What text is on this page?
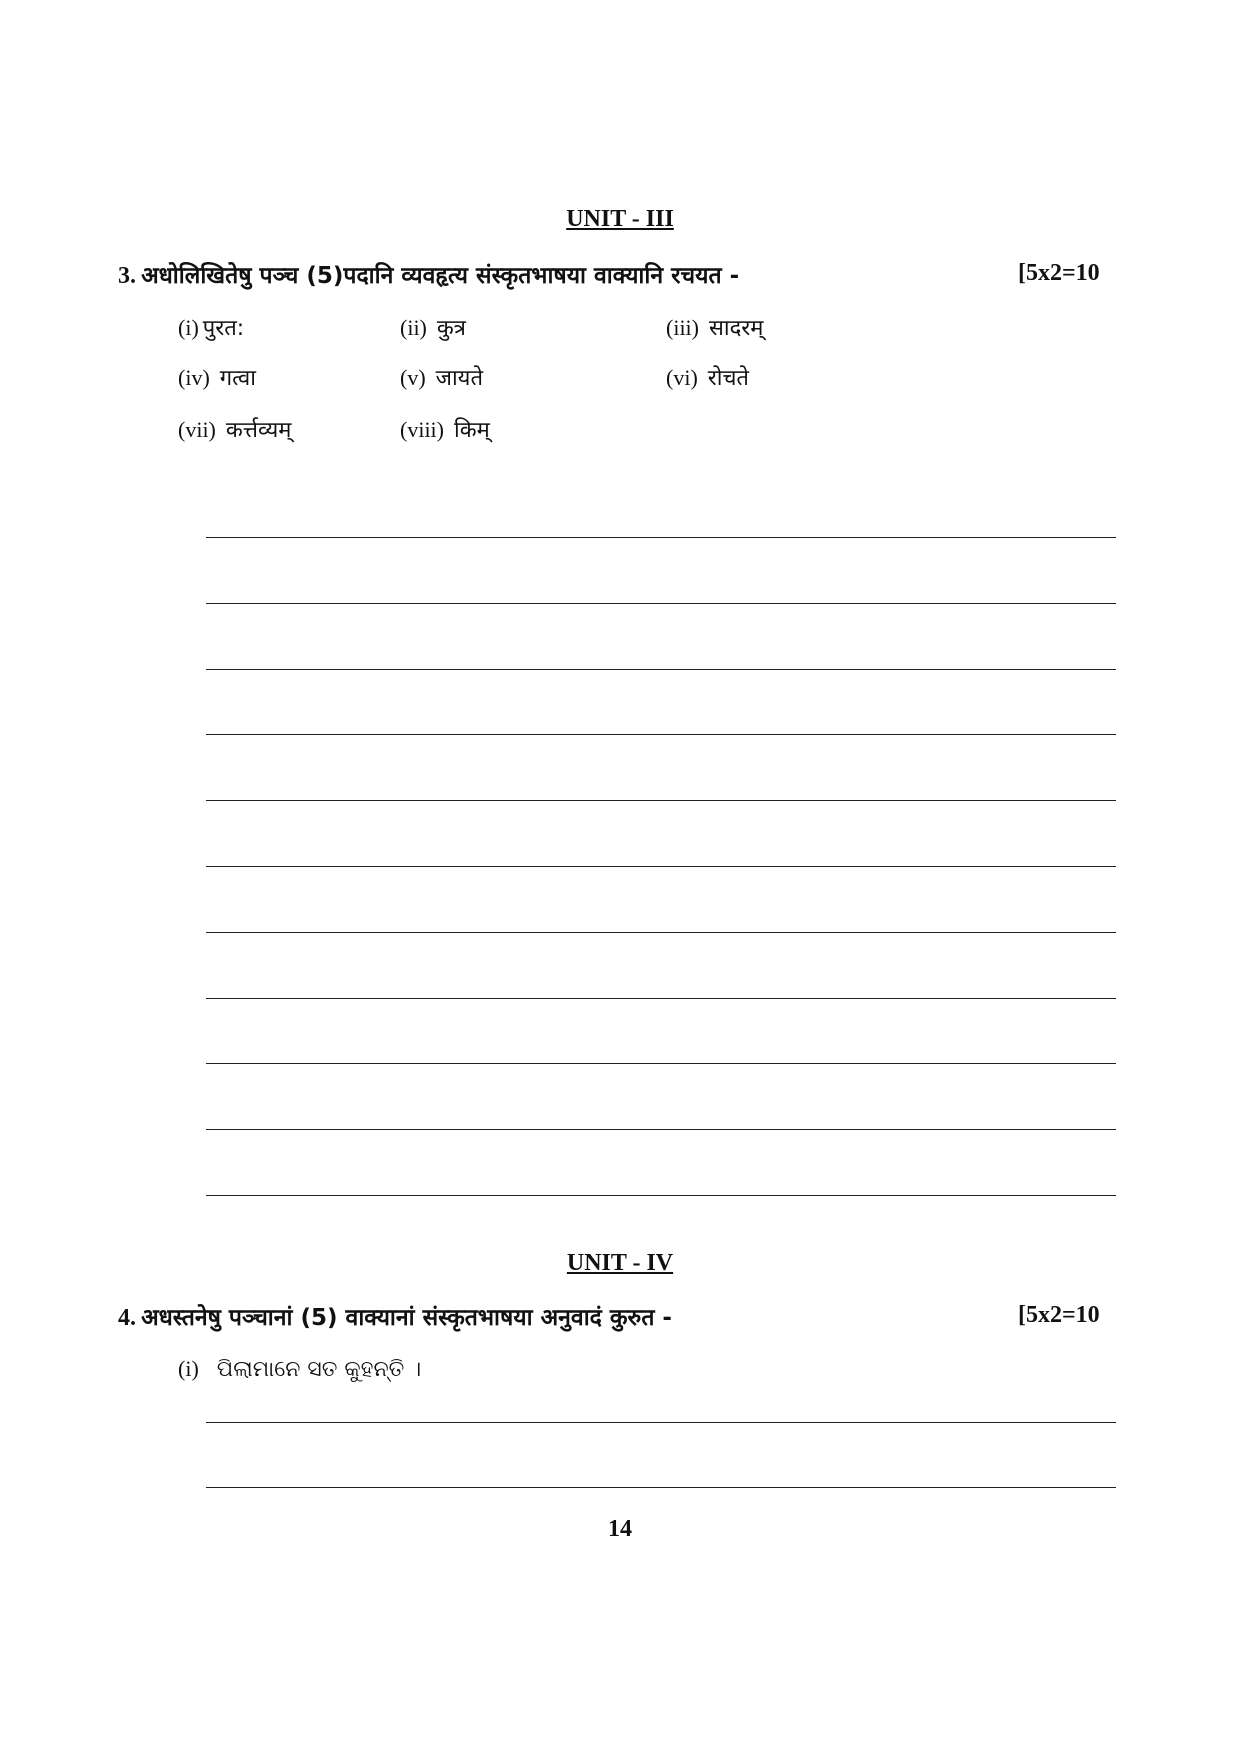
UNIT - III
3. अधोलिखितेषु पञ्च (5)पदानि व्यवहृत्य संस्कृतभाषया वाक्यानि रचयत -	[5x2=10
(i) पुरत:	(ii) कुत्र	(iii) सादरम्
(iv) गत्वा	(v) जायते	(vi) रोचते
(vii) कर्त्तव्यम्	(viii) किम्
UNIT - IV
4. अधस्तनेषु पञ्चानां (5) वाक्यानां संस्कृतभाषया अनुवादं कुरुत -	[5x2=10
(i) ପିଲାମାନେ ସତ କୁହନ୍ତି ।
14
